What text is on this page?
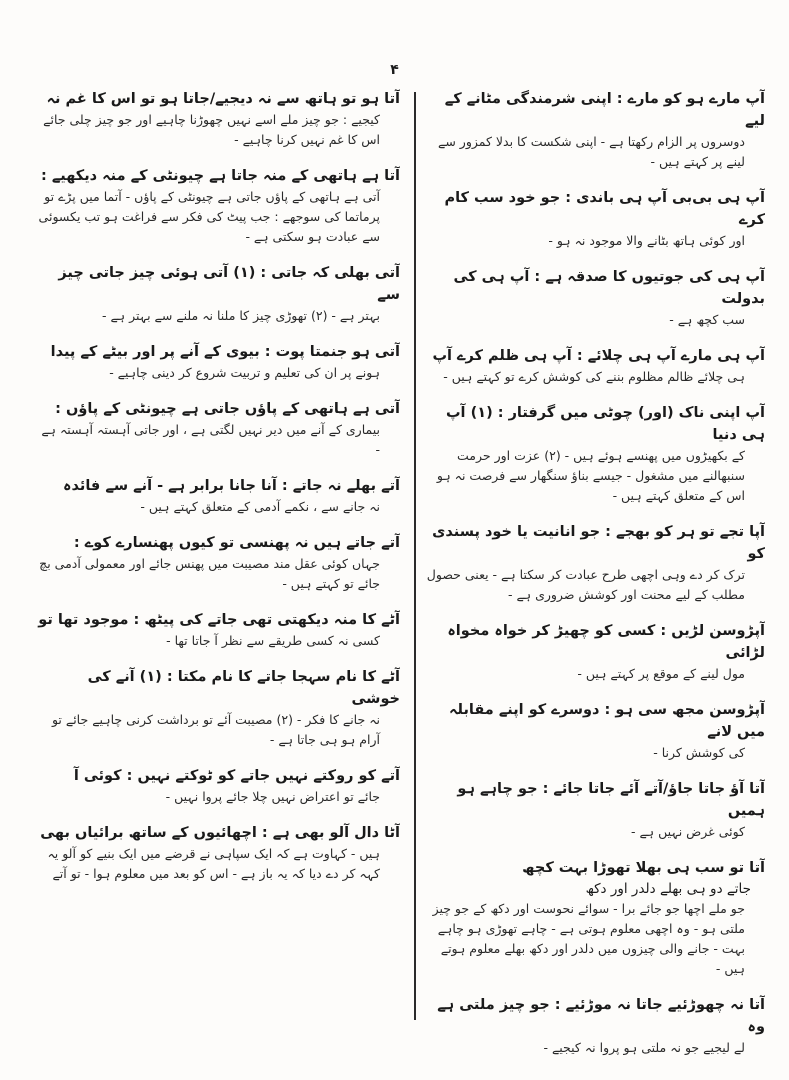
۴

آپ مارے ہو کو مارے : اپنی شرمندگی مٹانے کے لیے

دوسروں پر الزام رکھتا ہے - اپنی شکست کا بدلا کمزور سے لینے پر کہتے ہیں -

آپ ہی بی‌بی آپ ہی باندی : جو خود سب کام کرے

اور کوئی ہاتھ بٹانے والا موجود نہ ہو -

آپ ہی کی جوتیوں کا صدقہ ہے : آپ ہی کی بدولت

سب کچھ ہے -

آپ ہی مارے آپ ہی چلائے : آپ ہی ظلم کرے آپ

ہی چلائے ظالم مظلوم بننے کی کوشش کرے تو کہتے ہیں -

آپ اپنی ناک (اور) چوٹی میں گرفتار : (۱) آپ ہی دنیا

کے بکھیڑوں میں پھنسے ہوئے ہیں - (۲) عزت اور حرمت سنبھالنے میں مشغول - جیسے بناؤ سنگھار سے فرصت نہ ہو اس کے متعلق کہتے ہیں -

آپا تجے تو ہر کو بھجے : جو انانیت یا خود پسندی کو

ترک کر دے وہی اچھی طرح عبادت کر سکتا ہے - یعنی حصول مطلب کے لیے محنت اور کوشش ضروری ہے -

آپڑوسن لڑیں : کسی کو چھیڑ کر خواہ مخواہ لڑائی

مول لینے کے موقع پر کہتے ہیں -

آپڑوسن مجھ سی ہو : دوسرے کو اپنے مقابلہ میں لانے

کی کوشش کرنا -

آتا آؤ جاتا جاؤ/آتے آئے جاتا جائے : جو چاہے ہو ہمیں

کوئی غرض نہیں ہے -

آتا تو سب ہی بھلا تھوڑا بہت کچھ

جاتے دو ہی بھلے دلدر اور دکھ

جو ملے اچھا جو جائے برا - سوائے نحوست اور دکھ کے جو چیز ملتی ہو - وہ اچھی معلوم ہوتی ہے - چاہے تھوڑی ہو چاہے بہت - جانے والی چیزوں میں دلدر اور دکھ بھلے معلوم ہوتے ہیں -

آتا نہ چھوڑئیے جاتا نہ موڑئیے : جو چیز ملتی ہے وہ

لے لیجیے جو نہ ملتی ہو پروا نہ کیجیے -

آتا ہو تو ہاتھ سے نہ دیجیے/جاتا ہو تو اس کا غم نہ

کیجیے : جو چیز ملے اسے نہیں چھوڑنا چاہیے اور جو چیز چلی جائے اس کا غم نہیں کرنا چاہیے -

آتا ہے ہاتھی کے منہ جاتا ہے چیونٹی کے منہ دیکھیے :

آتی ہے ہاتھی کے پاؤں جاتی ہے چیونٹی کے پاؤں - آتما میں پڑے تو پرماتما کی سوجھے : جب پیٹ کی فکر سے فراغت ہو تب یکسوئی سے عبادت ہو سکتی ہے -

آتی بھلی کہ جاتی : (۱) آتی ہوئی چیز جاتی چیز سے

بہتر ہے - (۲) تھوڑی چیز کا ملنا نہ ملنے سے بہتر ہے -

آتی ہو جنمتا پوت : بیوی کے آنے پر اور بیٹے کے پیدا

ہونے پر ان کی تعلیم و تربیت شروع کر دینی چاہیے -

آتی ہے ہاتھی کے پاؤں جاتی ہے چیونٹی کے پاؤں :

بیماری کے آنے میں دیر نہیں لگتی ہے ، اور جاتی آہستہ آہستہ ہے -

آتے بھلے نہ جاتے : آنا جانا برابر ہے - آنے سے فائدہ

نہ جانے سے ، نکمے آدمی کے متعلق کہتے ہیں -

آتے جاتے ہیں نہ پھنسی تو کیوں پھنسارے کوے :

جہاں کوئی عقل مند مصیبت میں پھنس جائے اور معمولی آدمی بچ جائے تو کہتے ہیں -

آٹے کا منہ دیکھتی تھی جاتے کی پیٹھ : موجود تھا تو

کسی نہ کسی طریقے سے نظر آ جاتا تھا -

آٹے کا نام سہجا جاتے کا نام مکتا : (۱) آنے کی خوشی

نہ جانے کا فکر - (۲) مصیبت آئے تو برداشت کرنی چاہیے جائے تو آرام ہو ہی جاتا ہے -

آتے کو روکتے نہیں جاتے کو ٹوکتے نہیں : کوئی آ

جائے تو اعتراض نہیں چلا جائے پروا نہیں -

آٹا دال آلو بھی ہے : اچھائیوں کے ساتھ برائیاں بھی

ہیں - کہاوت ہے کہ ایک سپاہی نے قرضے میں ایک بنیے کو آلو یہ کہہ کر دے دیا کہ یہ باز ہے - اس کو بعد میں معلوم ہوا - تو آتے
